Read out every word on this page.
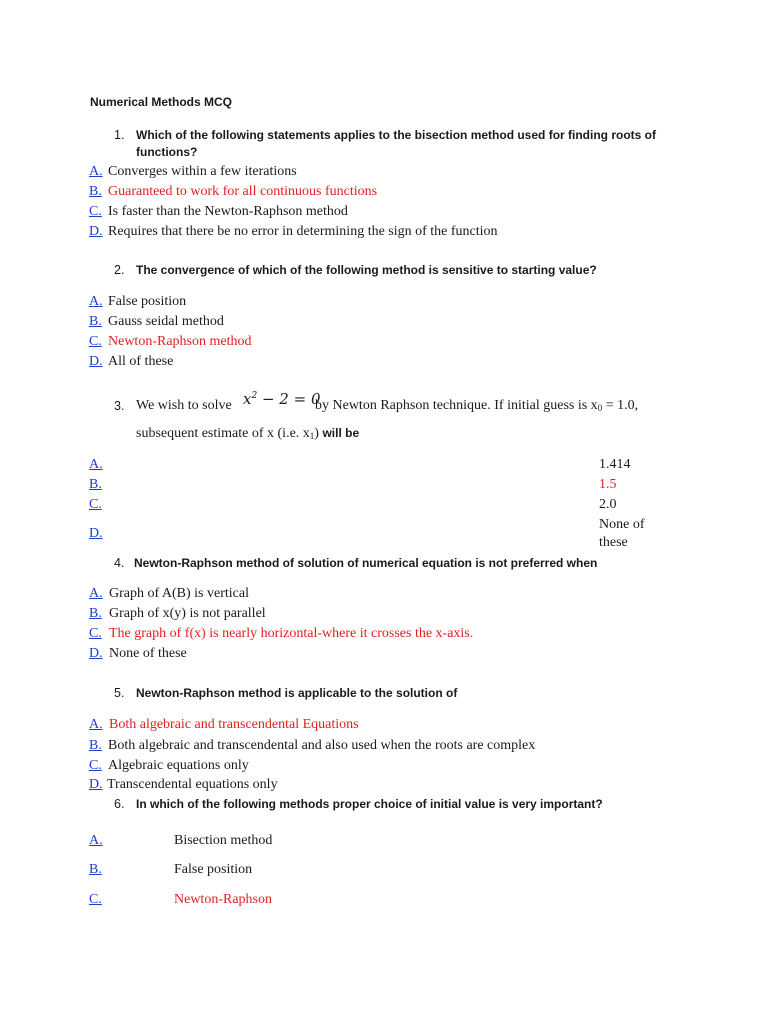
Numerical Methods MCQ
1. Which of the following statements applies to the bisection method used for finding roots of
functions?
A. Converges within a few iterations
B. Guaranteed to work for all continuous functions
C. Is faster than the Newton-Raphson method
D. Requires that there be no error in determining the sign of the function
2. The convergence of which of the following method is sensitive to starting value?
A. False position
B. Gauss seidal method
C. Newton-Raphson method
D. All of these
3. We wish to solve $x^2 - 2 = 0$
by Newton Raphson technique. If initial guess is $x_0 = 1.0$,
subsequent estimate of x (i.e. $x_1$) will be
A.	1.414
B.	1.5
C.	2.0
D.
None of
these
4. Newton-Raphson method of solution of numerical equation is not preferred when
A. Graph of A(B) is vertical
B. Graph of x(y) is not parallel
C. The graph of f(x) is nearly horizontal-where it crosses the x-axis.
D. None of these
5. Newton-Raphson method is applicable to the solution of
A. Both algebraic and transcendental Equations
B. Both algebraic and transcendental and also used when the roots are complex
C. Algebraic equations only
D. Transcendental equations only
6. In which of the following methods proper choice of initial value is very important?
A.	Bisection method
B.	False position
C.	Newton-Raphson
